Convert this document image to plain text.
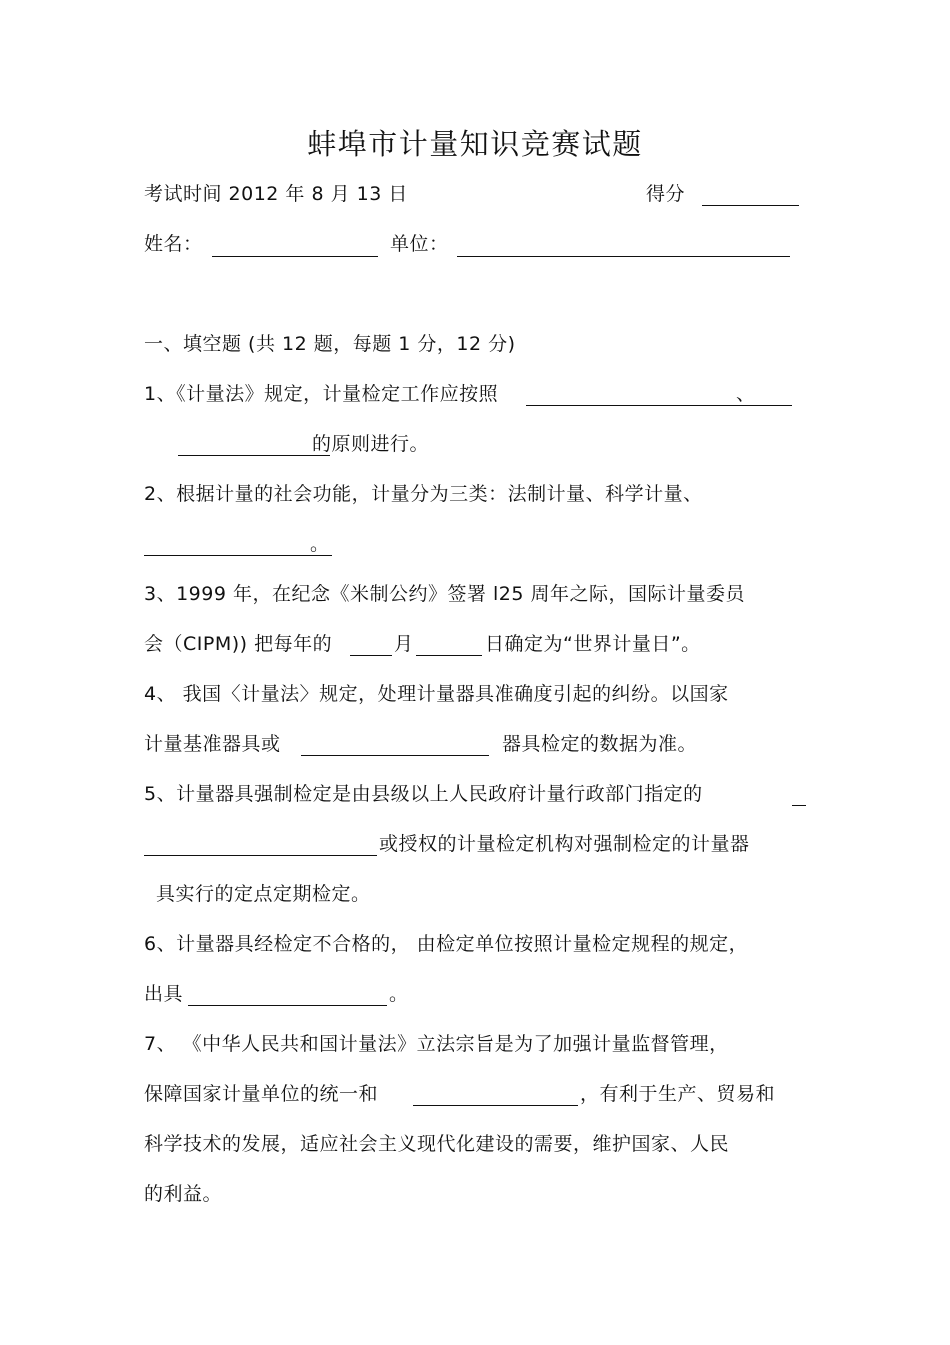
蚌埠市计量知识竞赛试题
考试时间 2012 年 8 月 13 日	得分
姓名：	单位：
一、填空题 (共 12 题，每题 1 分，12 分)
1、《计量法》规定，计量检定工作应按照	、
的原则进行。
2、根据计量的社会功能，计量分为三类：法制计量、科学计量、
。
3、1999 年，在纪念《米制公约》签署 l25 周年之际，国际计量委员
会（CIPM)) 把每年的	月	日确定为“世界计量日”。
4、 我国〈计量法〉规定，处理计量器具准确度引起的纠纷。以国家
计量基准器具或	器具检定的数据为准。
5、计量器具强制检定是由县级以上人民政府计量行政部门指定的
或授权的计量检定机构对强制检定的计量器
具实行的定点定期检定。
6、计量器具经检定不合格的， 由检定单位按照计量检定规程的规定，
出具	。
7、 《中华人民共和国计量法》立法宗旨是为了加强计量监督管理，
保障国家计量单位的统一和	，有利于生产、贸易和
科学技术的发展，适应社会主义现代化建设的需要，维护国家、人民
的利益。
